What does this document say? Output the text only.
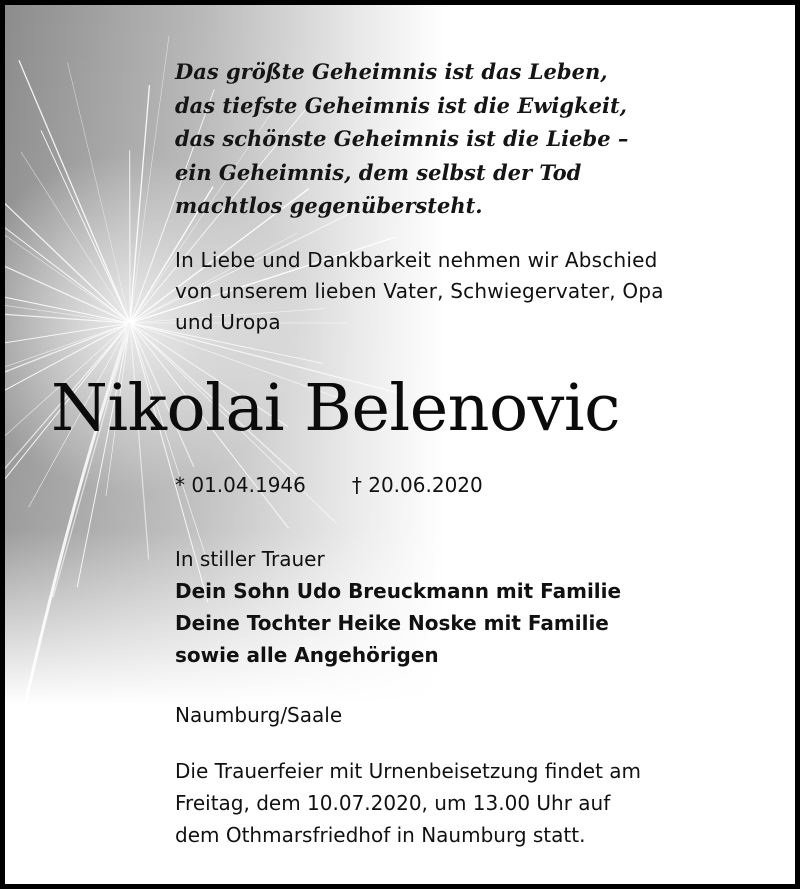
Das größte Geheimnis ist das Leben,
das tiefste Geheimnis ist die Ewigkeit,
das schönste Geheimnis ist die Liebe –
ein Geheimnis, dem selbst der Tod
machtlos gegenübersteht.
In Liebe und Dankbarkeit nehmen wir Abschied
von unserem lieben Vater, Schwiegervater, Opa
und Uropa
Nikolai Belenovic
* 01.04.1946 † 20.06.2020
In stiller Trauer
Dein Sohn Udo Breuckmann mit Familie
Deine Tochter Heike Noske mit Familie
sowie alle Angehörigen
Naumburg/Saale
Die Trauerfeier mit Urnenbeisetzung findet am
Freitag, dem 10.07.2020, um 13.00 Uhr auf
dem Othmarsfriedhof in Naumburg statt.
